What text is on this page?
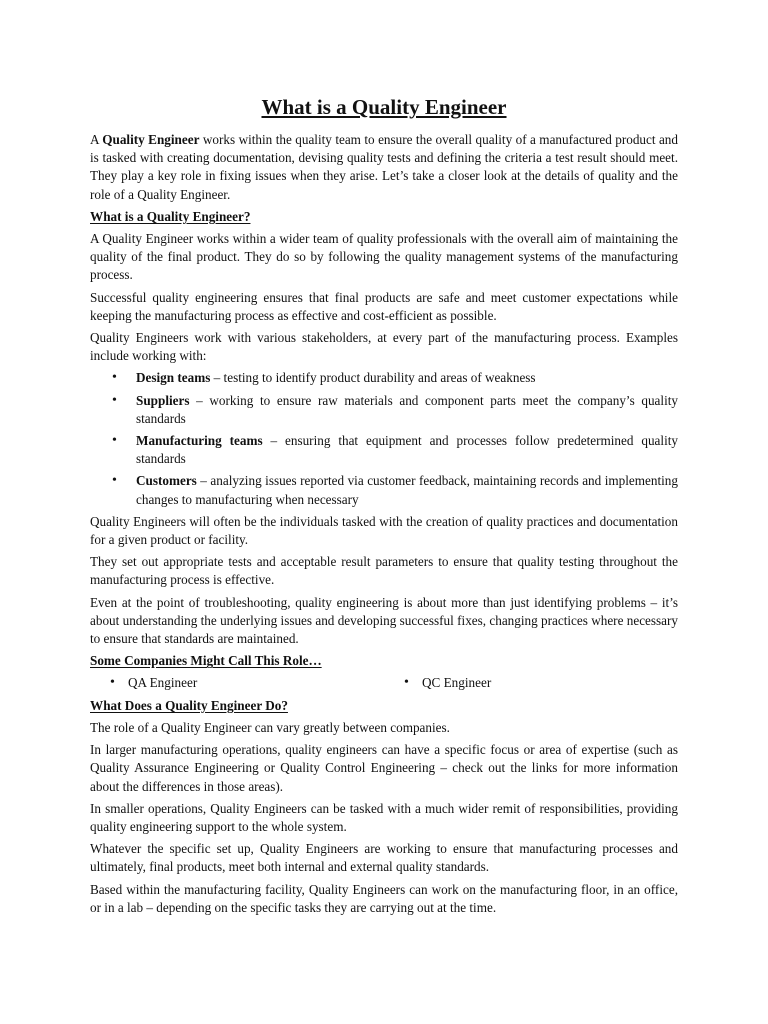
What is a Quality Engineer

A Quality Engineer works within the quality team to ensure the overall quality of a manufactured product and is tasked with creating documentation, devising quality tests and defining the criteria a test result should meet. They play a key role in fixing issues when they arise. Let’s take a closer look at the details of quality and the role of a Quality Engineer.

What is a Quality Engineer?

A Quality Engineer works within a wider team of quality professionals with the overall aim of maintaining the quality of the final product. They do so by following the quality management systems of the manufacturing process.

Successful quality engineering ensures that final products are safe and meet customer expectations while keeping the manufacturing process as effective and cost-efficient as possible.

Quality Engineers work with various stakeholders, at every part of the manufacturing process. Examples include working with:

• Design teams – testing to identify product durability and areas of weakness
• Suppliers – working to ensure raw materials and component parts meet the company’s quality standards
• Manufacturing teams – ensuring that equipment and processes follow predetermined quality standards
• Customers – analyzing issues reported via customer feedback, maintaining records and implementing changes to manufacturing when necessary

Quality Engineers will often be the individuals tasked with the creation of quality practices and documentation for a given product or facility.

They set out appropriate tests and acceptable result parameters to ensure that quality testing throughout the manufacturing process is effective.

Even at the point of troubleshooting, quality engineering is about more than just identifying problems – it’s about understanding the underlying issues and developing successful fixes, changing practices where necessary to ensure that standards are maintained.

Some Companies Might Call This Role…
• QA Engineer	• QC Engineer
What Does a Quality Engineer Do?

The role of a Quality Engineer can vary greatly between companies.

In larger manufacturing operations, quality engineers can have a specific focus or area of expertise (such as Quality Assurance Engineering or Quality Control Engineering – check out the links for more information about the differences in those areas).

In smaller operations, Quality Engineers can be tasked with a much wider remit of responsibilities, providing quality engineering support to the whole system.

Whatever the specific set up, Quality Engineers are working to ensure that manufacturing processes and ultimately, final products, meet both internal and external quality standards.

Based within the manufacturing facility, Quality Engineers can work on the manufacturing floor, in an office, or in a lab – depending on the specific tasks they are carrying out at the time.
